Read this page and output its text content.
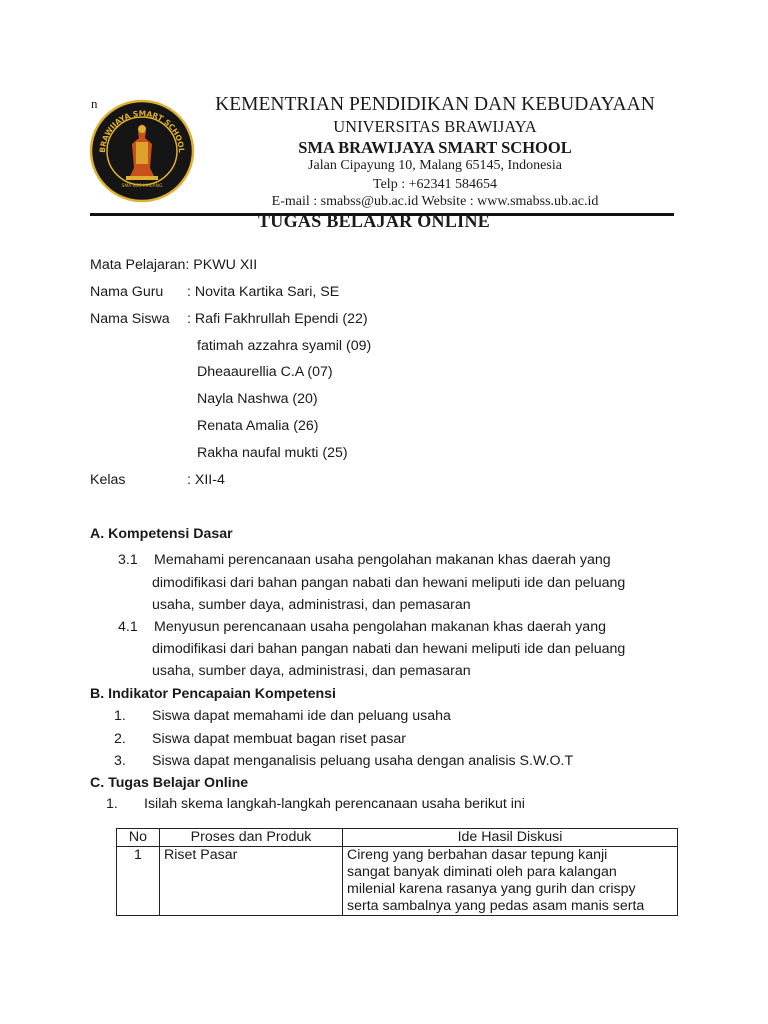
n
BRAWIJAYA SMART SCHOOL
SMA BSS MALANG
KEMENTRIAN PENDIDIKAN DAN KEBUDAYAAN
UNIVERSITAS BRAWIJAYA
SMA BRAWIJAYA SMART SCHOOL
Jalan Cipayung 10, Malang 65145, Indonesia
Telp : +62341 584654
E-mail : smabss@ub.ac.id Website : www.smabss.ub.ac.id
TUGAS BELAJAR ONLINE
Mata Pelajaran: PKWU XII
Nama Guru : Novita Kartika Sari, SE
Nama Siswa : Rafi Fakhrullah Ependi (22)
fatimah azzahra syamil (09)
Dheaaurellia C.A (07)
Nayla Nashwa (20)
Renata Amalia (26)
Rakha naufal mukti (25)
Kelas	: XII-4
A. Kompetensi Dasar
3.1 Memahami perencanaan usaha pengolahan makanan khas daerah yang
dimodifikasi dari bahan pangan nabati dan hewani meliputi ide dan peluang
usaha, sumber daya, administrasi, dan pemasaran
4.1 Menyusun perencanaan usaha pengolahan makanan khas daerah yang
dimodifikasi dari bahan pangan nabati dan hewani meliputi ide dan peluang
usaha, sumber daya, administrasi, dan pemasaran
B. Indikator Pencapaian Kompetensi
1. Siswa dapat memahami ide dan peluang usaha
2. Siswa dapat membuat bagan riset pasar
3. Siswa dapat menganalisis peluang usaha dengan analisis S.W.O.T
C. Tugas Belajar Online
1. Isilah skema langkah-langkah perencanaan usaha berikut ini
No	Proses dan Produk	Ide Hasil Diskusi
1	Riset Pasar	Cireng yang berbahan dasar tepung kanji
sangat banyak diminati oleh para kalangan
milenial karena rasanya yang gurih dan crispy
serta sambalnya yang pedas asam manis serta
